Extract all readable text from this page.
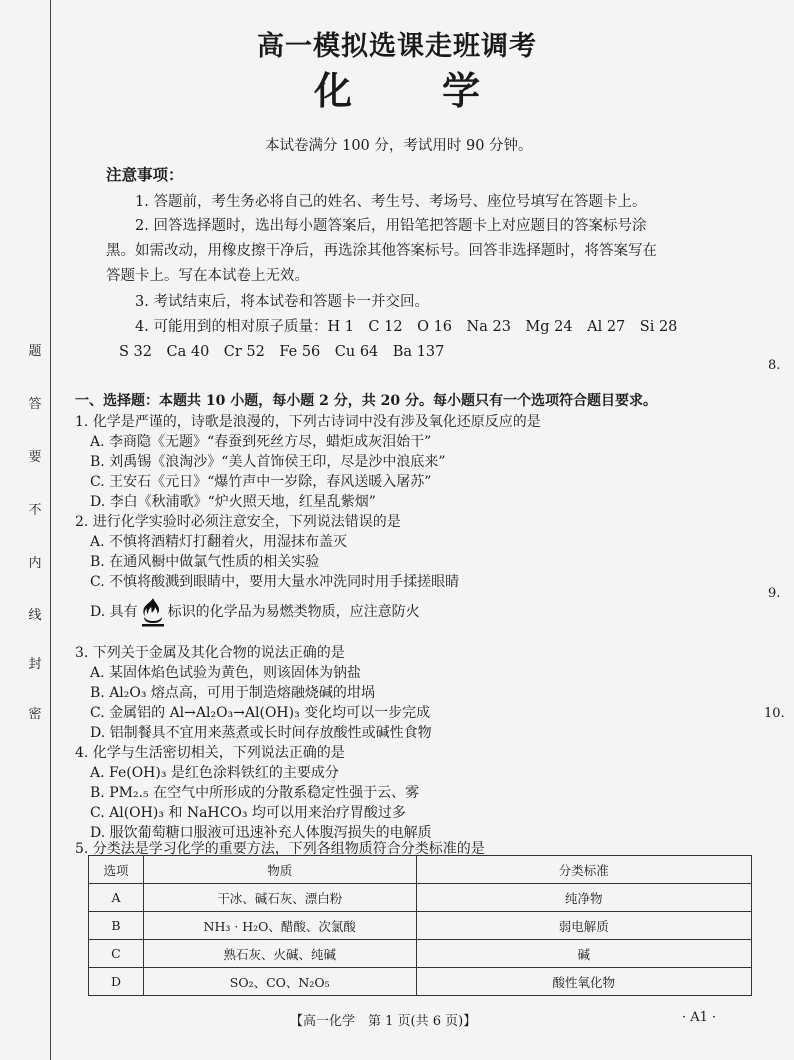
题
答
要
不
内
线
封
密
高一模拟选课走班调考
化学
本试卷满分 100 分，考试用时 90 分钟。
注意事项：
1. 答题前，考生务必将自己的姓名、考生号、考场号、座位号填写在答题卡上。
2. 回答选择题时，选出每小题答案后，用铅笔把答题卡上对应题目的答案标号涂
黑。如需改动，用橡皮擦干净后，再选涂其他答案标号。回答非选择题时，将答案写在
答题卡上。写在本试卷上无效。
3. 考试结束后，将本试卷和答题卡一并交回。
4. 可能用到的相对原子质量：H 1　C 12　O 16　Na 23　Mg 24　Al 27　Si 28
S 32　Ca 40　Cr 52　Fe 56　Cu 64　Ba 137
一、选择题：本题共 10 小题，每小题 2 分，共 20 分。每小题只有一个选项符合题目要求。
1. 化学是严谨的，诗歌是浪漫的，下列古诗词中没有涉及氧化还原反应的是
A. 李商隐《无题》“春蚕到死丝方尽，蜡炬成灰泪始干”
B. 刘禹锡《浪淘沙》“美人首饰侯王印，尽是沙中浪底来”
C. 王安石《元日》“爆竹声中一岁除，春风送暖入屠苏”
D. 李白《秋浦歌》“炉火照天地，红星乱紫烟”
2. 进行化学实验时必须注意安全，下列说法错误的是
A. 不慎将酒精灯打翻着火，用湿抹布盖灭
B. 在通风橱中做氯气性质的相关实验
C. 不慎将酸溅到眼睛中，要用大量水冲洗同时用手揉搓眼睛
D. 具有 标识的化学品为易燃类物质，应注意防火
3. 下列关于金属及其化合物的说法正确的是
A. 某固体焰色试验为黄色，则该固体为钠盐
B. Al₂O₃ 熔点高，可用于制造熔融烧碱的坩埚
C. 金属铝的 Al→Al₂O₃→Al(OH)₃ 变化均可以一步完成
D. 铝制餐具不宜用来蒸煮或长时间存放酸性或碱性食物
4. 化学与生活密切相关，下列说法正确的是
A. Fe(OH)₃ 是红色涂料铁红的主要成分
B. PM₂.₅ 在空气中所形成的分散系稳定性强于云、雾
C. Al(OH)₃ 和 NaHCO₃ 均可以用来治疗胃酸过多
D. 服饮葡萄糖口服液可迅速补充人体腹泻损失的电解质
5. 分类法是学习化学的重要方法，下列各组物质符合分类标准的是
选项	物质	分类标准
A	干冰、碱石灰、漂白粉	纯净物
B	NH₃ · H₂O、醋酸、次氯酸	弱电解质
C	熟石灰、火碱、纯碱	碱
D	SO₂、CO、N₂O₅	酸性氧化物
8.
9.
10.
【高一化学　第 1 页(共 6 页)】	· A1 ·
